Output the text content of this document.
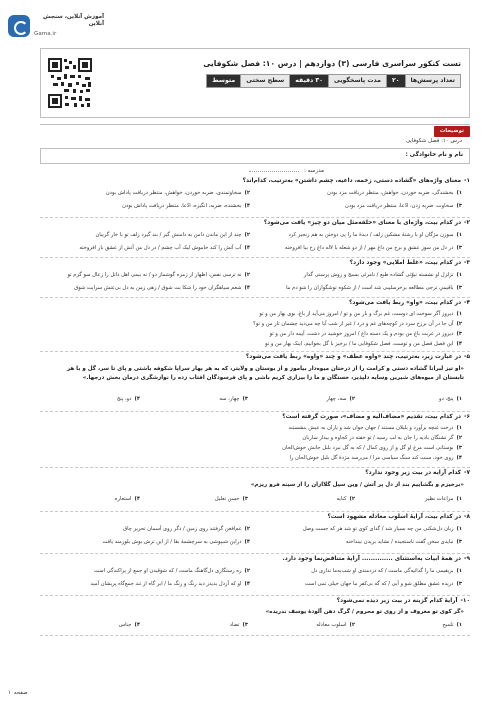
آموزش آنلاین، سنجش آنلاین
Gama.ir
تست کنکور سراسری فارسی (۳) دوازدهم | درس ۱۰: فصل شکوفایی
تعداد پرسش‌ها
۲۰
مدت پاسخگویی
۳۰ دقیقه
سطح سختی
متوسط
توضیحات
درس ۱۰: فصل شکوفایی
نام و نام خانوادگی :
مدرسه :
۱-
معنای واژه‌های «گشاده دستی، زخمه، داعیه، چشم داشتن» به‌ترتیب، کدام‌اند؟
۱)
بخشندگی، ضربه خوردن، خواهش، منتظر دریافت مزد بودن
۲)
سخاوتمندی، ضربه خوردن، خواهش، منتظر دریافت پاداش بودن
۳)
سخاوت، ضربه زدن، ادّعا، منتظر دریافت مزد بودن
۴)
بخشنده، ضربه، انگیزه، ادّعا، منتظر دریافت پاداش بودن
۲-
در کدام بیت، واژه‌ای با معنای «حلقه‌مثل میان دو چیز» یافت می‌شود؟
۱)
سوزن مژگان او با رشتهٔ مشکین زلف / دیدهٔ ما را پی‌ دوختن به هم زنجیر کرد
۲)
چند از این ماندن دامن‌ به دامنش گیر / بند گیرد زلف تو با خار گریبان
۳)
در دل من سوز عشق و برخ من داغ مهر / از دو شعله با لاله داغ رخ بیا افروخته
۴)
آب آتش را کند خاموش لیک آب چشم / در دل من آتش از عشق بار افروخته
۳-
در کدام بیت، «غلط املایی» وجود دارد؟
۱)
تزلزل او نشسته نبوّتی گشاده طبع / نامرئی بسیج و روش پرستی گذار
۲)
نه ترسی نفس، اظهار از زمره گوشماز دو / نه بیمی اهل ذاتل را زعال سو گرم تو
۳)
باقیمیِ ترجی مطالعه برخرسلیبی شد است / از شکوه توشگواران را شو دم ما
۴)
شعم سیاهگران خود را شکا بت شوق / زهی زمن به دل بی‌عنش سرایت شوق
۴-
در کدام بیت، «واو» ربط یافت می‌شود؟
۱)
دیروز آگر سوخت ای دوست، غم برگ و بار من و تو / امروز می‌آید از باغ، بوی بهار من و تو
۲)
آن جا در آن برزخ سرد در کوچه‌های غم و درد / غیر از شب آیا چه می‌دید چشمان تار من و تو؟
۳)
دیروز در غربت باغ من بودم و یک دسته داغ / امروز خوشید در دشت، آیینه‌ دار من و تو
۴)
این فصل فصل من و توست، فصل شکوفایی ما / برخیز با گل بخوانیم، اینک بهار من و تو
۵-
در عبارت زیر، به‌ترتیب، چند «واوه عطف» و چند «واوه» ربط یافت می‌شود؟
«او تیز لبرانا گشاده دستی و کرامت را از درختان میوه‌دار بیاموز و از بوستان و ولایتر، که به هر بهار سراپا شکوفه باشتی و پای تا سر، گل و با هر تابستان از میوه‌های شیرین وسایه دلپذیر، خستگان و ما زا بیزاری کریم باشی و پای فرسودگان افتاب زده را نوازشگری درمان بخش درجها.»
۱)
پنج، دو
۲)
سه، چهار
۳)
چهار، سه
۴)
دو، پنج
۶-
در کدام بیت، تقدیم «مضاف‌الیه و مضاف»، صورت گرفته است؟
۱)
درخت غنچه برآورد و بلبلان مستند / جهان جوان شد و یاران به عیش بنشستند
۲)
گر تشنگان بادیه را جان به لب رسید / تو خفته در کجاوه و بیدار ساربان
۳)
بوستانی است مرغ او گل و از روی کمال / که به گل نبرد بلبل جانش خوش‌الحان
۴)
روی خود، سنت کند سنگ سیاسی مرا / می‌رسد مژدهٔ گل بلبل خوش‌الحان را
۷-
کدام آرایه در بیت زیر وجود ندارد؟
«برخیزم و بگشاییم بند از دل پر آتش / وین سیل گلا‌ازان را از سینه فرو ریزم»
۱)
مراعات نظیر
۲)
کنایه
۳)
حسن تعلیل
۴)
استعاره
۸-
در کدام بیت، آرایهٔ اسلوب معادله مشهود است؟
۱)
زیان دل‌شکنی من چه بسیار شد / گدای کوی تو شد هر که جست وصل
۲)
غم‌افغن گرفتند روی زمین / دگر روی آسمان تحریر چاق
۳)
نبایدی سخن گفت ناسنجیده / نشاید بریدن نینداخته
۴)
دراین شبپوشی به سرچشمهٔ بقا / از این ترش بوش بلورمند یافت
۹-
در همهٔ ابیات به‌استثنای .............. آرایهٔ متناقض‌نما وجود دارد.
۱)
بریقیمی ما را گدائیه‌گی ماست / که دردمندی او شب‌به‌ما نداری دل
۲)
ره رستگاری دل‌گاهنگ ماست / که شو‌قیدن او جمع از پراکندگی است
۳)
دریده عشق مطلق شو و آبی / که گه بی‌کفر ما جهان خیلی تمی است
۴)
او که آزدل بدیدز دید رنگ و رنگ ما / ابر گاه از تند جمع‌گاه پریشان آمید
۱۰-
آرایهٔ کدام گزینه در بیت زیر دیده نمی‌شود؟
«گر کوی تو معروف و از روی تو محروم / گرگ دهن آلودهٔ یوسف ندریده»
۱)
تلمیح
۲)
اسلوب معادله
۳)
تضاد
۴)
جناس
صفحه
۱
